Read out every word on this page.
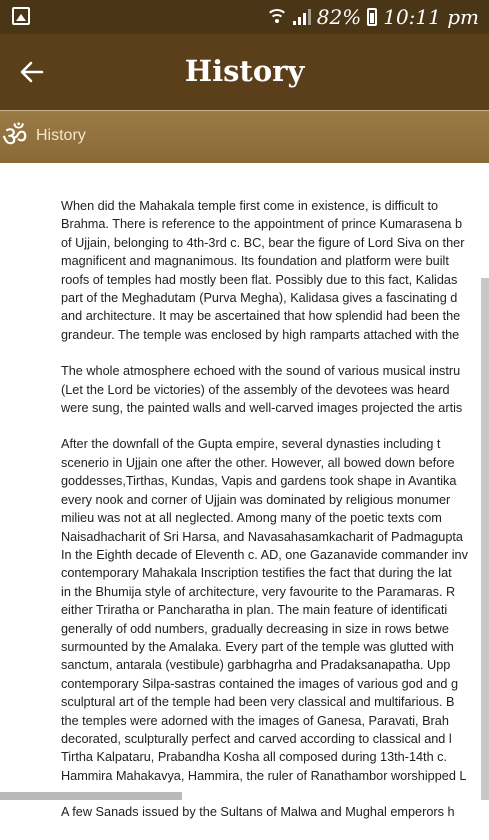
82% 10:11 pm
History
ॐ History

When did the Mahakala temple first come in existence, is difficult to
Brahma. There is reference to the appointment of prince Kumarasena b
of Ujjain, belonging to 4th-3rd c. BC, bear the figure of Lord Siva on ther
magnificent and magnanimous. Its foundation and platform were built
roofs of temples had mostly been flat. Possibly due to this fact, Kalidas
part of the Meghadutam (Purva Megha), Kalidasa gives a fascinating d
and architecture. It may be ascertained that how splendid had been the
grandeur. The temple was enclosed by high ramparts attached with the

The whole atmosphere echoed with the sound of various musical instru
(Let the Lord be victories) of the assembly of the devotees was heard
were sung, the painted walls and well-carved images projected the artis

After the downfall of the Gupta empire, several dynasties including t
scenerio in Ujjain one after the other. However, all bowed down before
goddesses,Tirthas, Kundas, Vapis and gardens took shape in Avantika
every nook and corner of Ujjain was dominated by religious monumer
milieu was not at all neglected. Among many of the poetic texts com
Naisadhacharit of Sri Harsa, and Navasahasamkacharit of Padmagupta
In the Eighth decade of Eleventh c. AD, one Gazanavide commander inv
contemporary Mahakala Inscription testifies the fact that during the lat
in the Bhumija style of architecture, very favourite to the Paramaras. R
either Triratha or Pancharatha in plan. The main feature of identificati
generally of odd numbers, gradually decreasing in size in rows betwe
surmounted by the Amalaka. Every part of the temple was glutted with
sanctum, antarala (vestibule) garbhagrha and Pradaksanapatha. Upp
contemporary Silpa-sastras contained the images of various god and g
sculptural art of the temple had been very classical and multifarious. B
the temples were adorned with the images of Ganesa, Paravati, Brah
decorated, sculpturally perfect and carved according to classical and l
Tirtha Kalpataru, Prabandha Kosha all composed during 13th-14th c.
Hammira Mahakavya, Hammira, the ruler of Ranathambor worshipped L

A few Sanads issued by the Sultans of Malwa and Mughal emperors h
